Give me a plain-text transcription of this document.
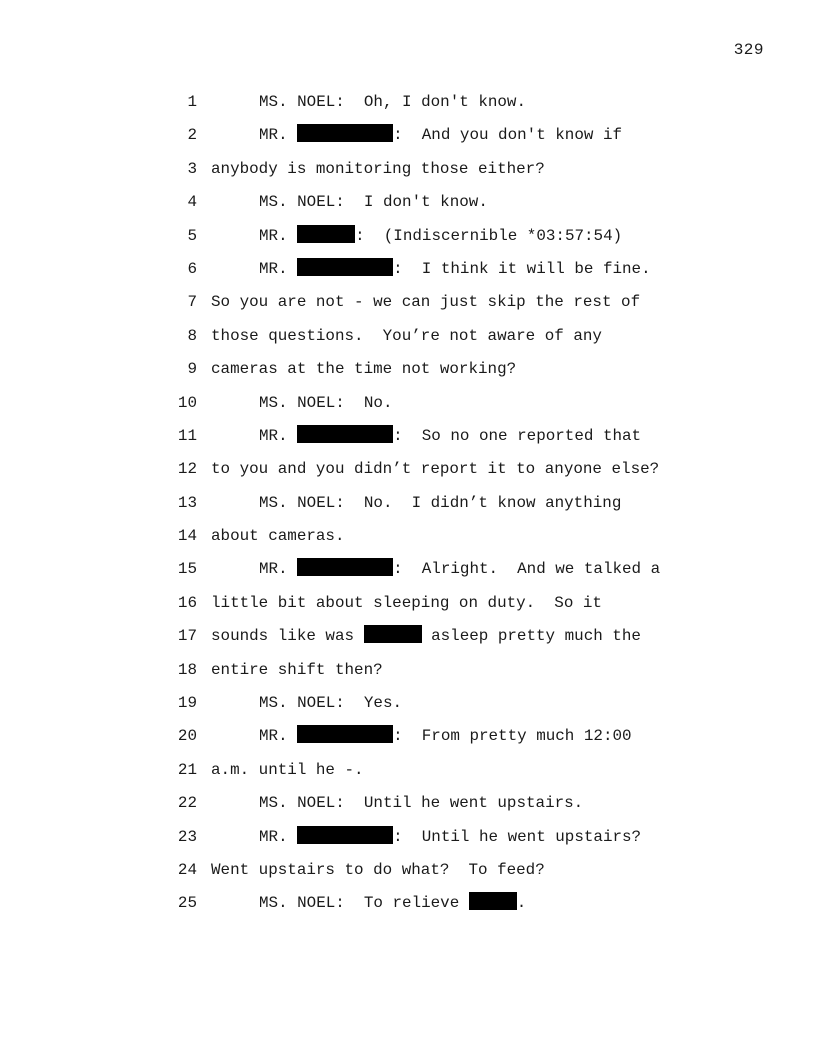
329
1	MS. NOEL:  Oh, I don't know.
2	MR.	:  And you don't know if
3 anybody is monitoring those either?
4	MS. NOEL:  I don't know.
5	MR.	:  (Indiscernible *03:57:54)
6	MR.	:  I think it will be fine.
7 So you are not - we can just skip the rest of
8 those questions.  You’re not aware of any
9 cameras at the time not working?
10	MS. NOEL:  No.
11	MR.	:  So no one reported that
12 to you and you didn’t report it to anyone else?
13	MS. NOEL:  No.  I didn’t know anything
14 about cameras.
15	MR.	:  Alright.  And we talked a
16 little bit about sleeping on duty.  So it
17 sounds like was	asleep pretty much the
18 entire shift then?
19	MS. NOEL:  Yes.
20	MR.	:  From pretty much 12:00
21 a.m. until he -.
22	MS. NOEL:  Until he went upstairs.
23	MR.	:  Until he went upstairs?
24 Went upstairs to do what?  To feed?
25	MS. NOEL:  To relieve	.
